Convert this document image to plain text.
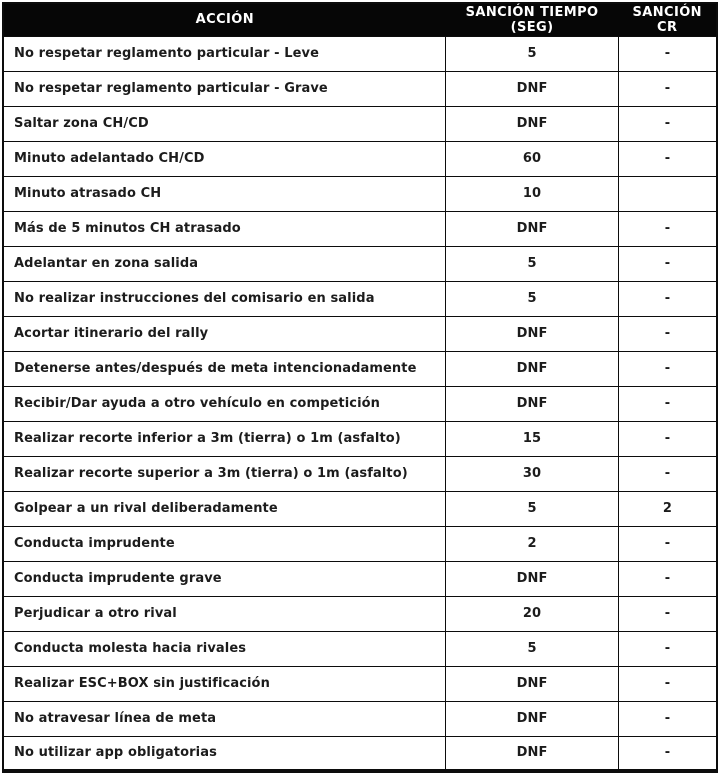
ACCIÓN	SANCIÓN TIEMPO (SEG)	SANCIÓN CR
No respetar reglamento particular - Leve	5	-
No respetar reglamento particular - Grave	DNF	-
Saltar zona CH/CD	DNF	-
Minuto adelantado CH/CD	60	-
Minuto atrasado CH	10	
Más de 5 minutos CH atrasado	DNF	-
Adelantar en zona salida	5	-
No realizar instrucciones del comisario en salida	5	-
Acortar itinerario del rally	DNF	-
Detenerse antes/después de meta intencionadamente	DNF	-
Recibir/Dar ayuda a otro vehículo en competición	DNF	-
Realizar recorte inferior a 3m (tierra) o 1m (asfalto)	15	-
Realizar recorte superior a 3m (tierra) o 1m (asfalto)	30	-
Golpear a un rival deliberadamente	5	2
Conducta imprudente	2	-
Conducta imprudente grave	DNF	-
Perjudicar a otro rival	20	-
Conducta molesta hacia rivales	5	-
Realizar ESC+BOX sin justificación	DNF	-
No atravesar línea de meta	DNF	-
No utilizar app obligatorias	DNF	-
